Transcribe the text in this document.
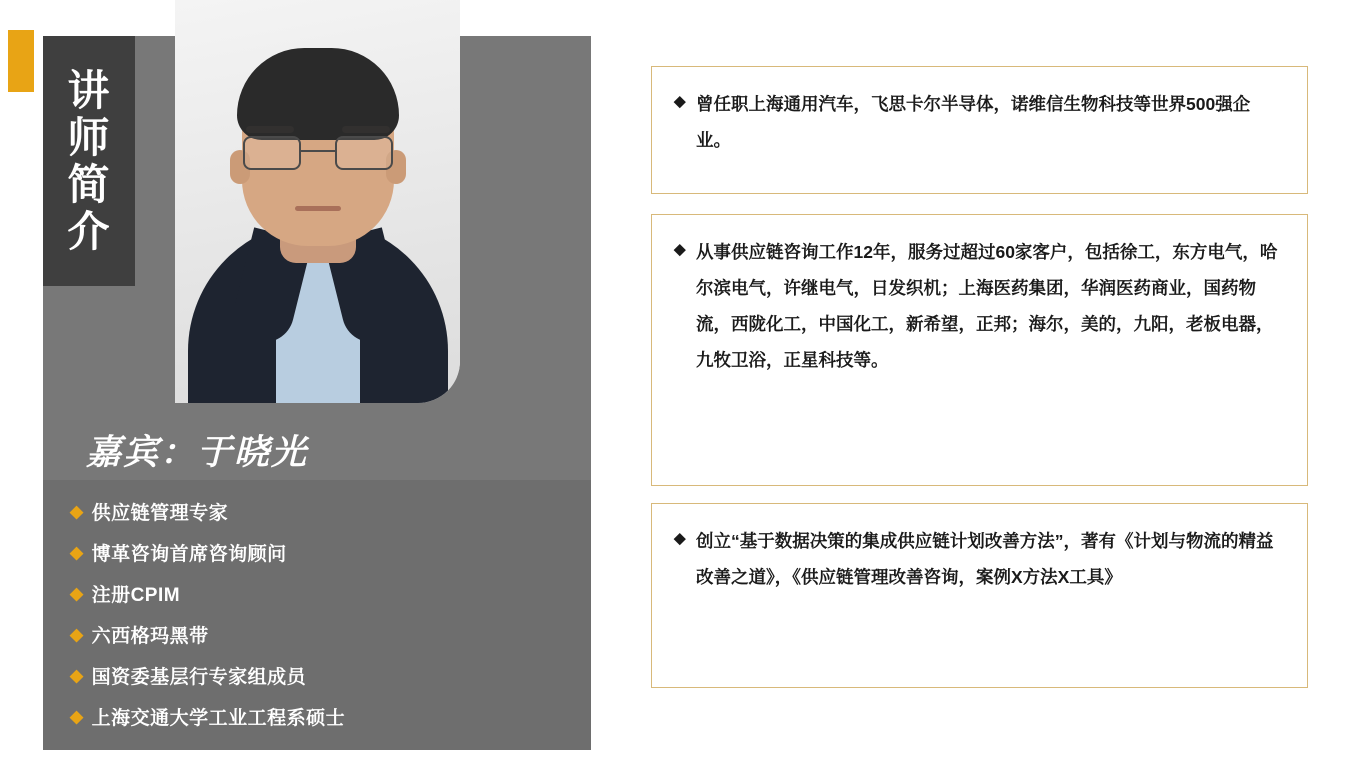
讲
师
简
介
嘉宾：于晓光
◆ 供应链管理专家
◆ 博革咨询首席咨询顾问
◆ 注册CPIM
◆ 六西格玛黑带
◆ 国资委基层行专家组成员
◆ 上海交通大学工业工程系硕士

◆ 曾任职上海通用汽车，飞思卡尔半导体，诺维信生物科技等世界500强企业。

◆ 从事供应链咨询工作12年，服务过超过60家客户，包括徐工，东方电气，哈尔滨电气，许继电气，日发织机；上海医药集团，华润医药商业，国药物流，西陇化工，中国化工，新希望，正邦；海尔，美的，九阳，老板电器，九牧卫浴，正星科技等。

◆ 创立“基于数据决策的集成供应链计划改善方法”，著有《计划与物流的精益改善之道》，《供应链管理改善咨询，案例X方法X工具》
